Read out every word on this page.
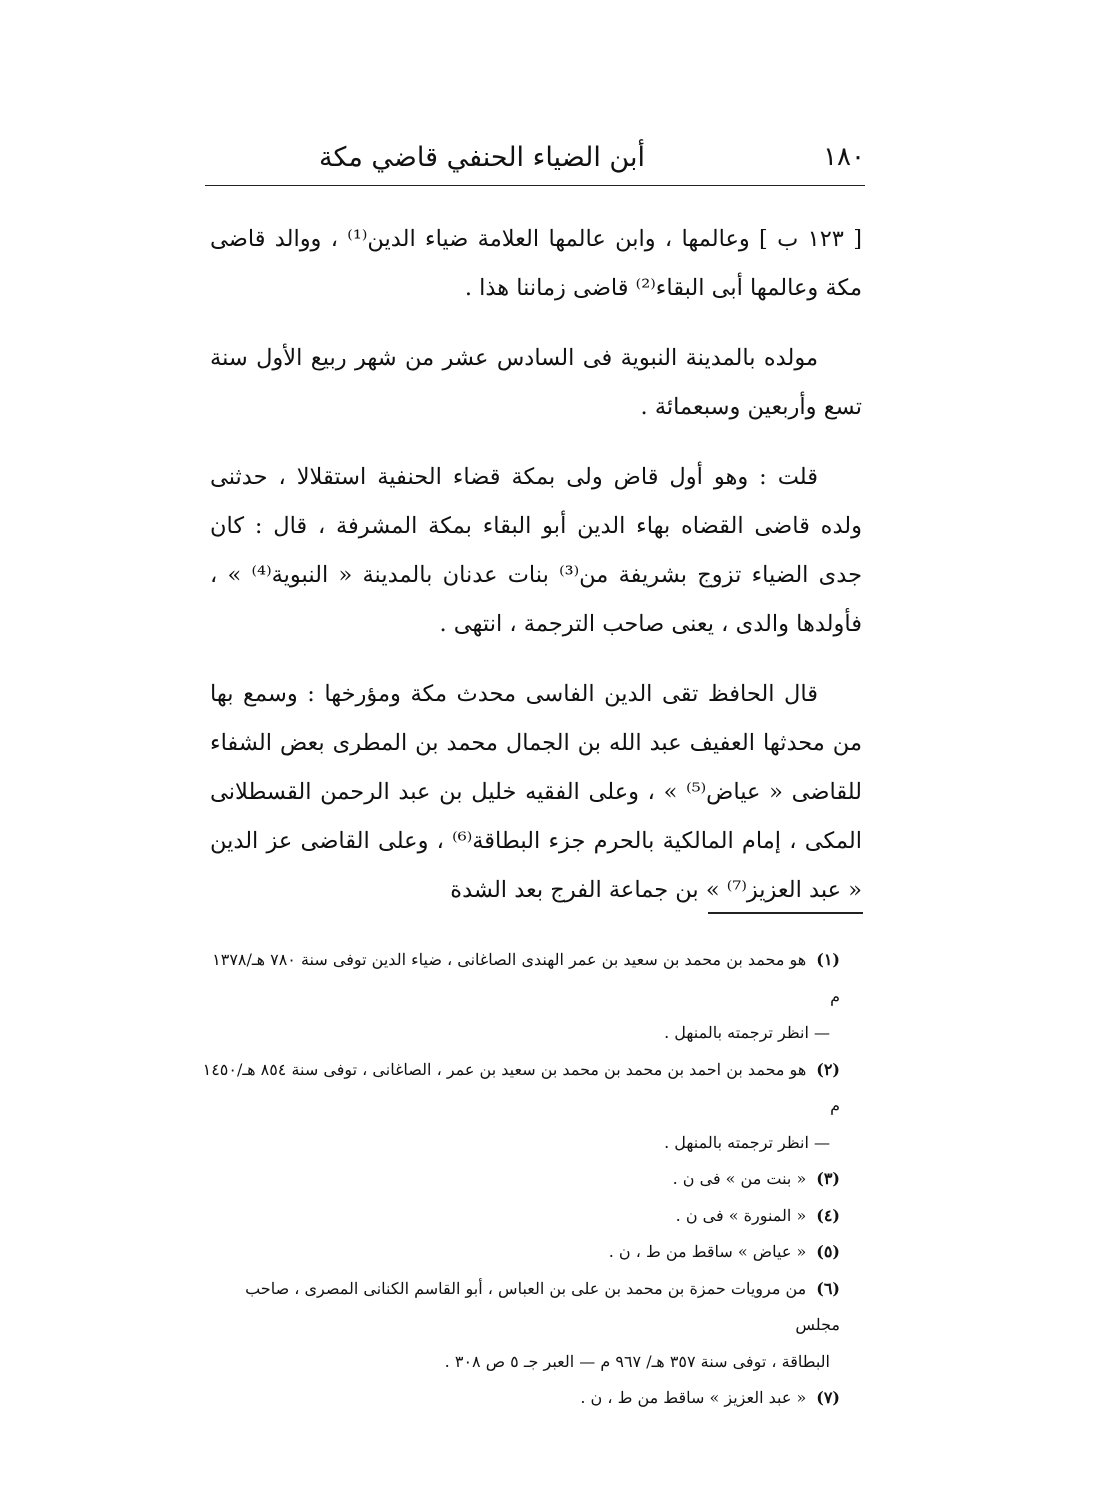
١٨٠
أبن الضياء الحنفي قاضي مكة

[ ١٢٣ ب ] وعالمها ، وابن عالمها العلامة ضياء الدين⁽¹⁾ ، ووالد قاضى مكة وعالمها أبى البقاء⁽²⁾ قاضى زماننا هذا .

مولده بالمدينة النبوية فى السادس عشر من شهر ربيع الأول سنة تسع وأربعين وسبعمائة .

قلت : وهو أول قاض ولى بمكة قضاء الحنفية استقلالا ، حدثنى ولده قاضى القضاه بهاء الدين أبو البقاء بمكة المشرفة ، قال : كان جدى الضياء تزوج بشريفة من⁽³⁾ بنات عدنان بالمدينة « النبوية⁽⁴⁾ » ، فأولدها والدى ، يعنى صاحب الترجمة ، انتهى .

قال الحافظ تقى الدين الفاسى محدث مكة ومؤرخها : وسمع بها من محدثها العفيف عبد الله بن الجمال محمد بن المطرى بعض الشفاء للقاضى « عياض⁽⁵⁾ » ، وعلى الفقيه خليل بن عبد الرحمن القسطلانى المكى ، إمام المالكية بالحرم جزء البطاقة⁽⁶⁾ ، وعلى القاضى عز الدين « عبد العزيز⁽⁷⁾ » بن جماعة الفرج بعد الشدة

(١)هو محمد بن محمد بن سعيد بن عمر الهندى الصاغانى ، ضياء الدين توفى سنة ٧٨٠ هـ/١٣٧٨ م

— انظر ترجمته بالمنهل .

(٢)هو محمد بن احمد بن محمد بن محمد بن سعيد بن عمر ، الصاغانى ، توفى سنة ٨٥٤ هـ/١٤٥٠ م

— انظر ترجمته بالمنهل .

(٣)« بنت من » فى ن .

(٤)« المنورة » فى ن .

(٥)« عياض » ساقط من ط ، ن .

(٦)من مرويات حمزة بن محمد بن على بن العباس ، أبو القاسم الكنانى المصرى ، صاحب مجلس

البطاقة ، توفى سنة ٣٥٧ هـ/ ٩٦٧ م — العبر جـ ٥ ص ٣٠٨ .

(٧)« عبد العزيز » ساقط من ط ، ن .
